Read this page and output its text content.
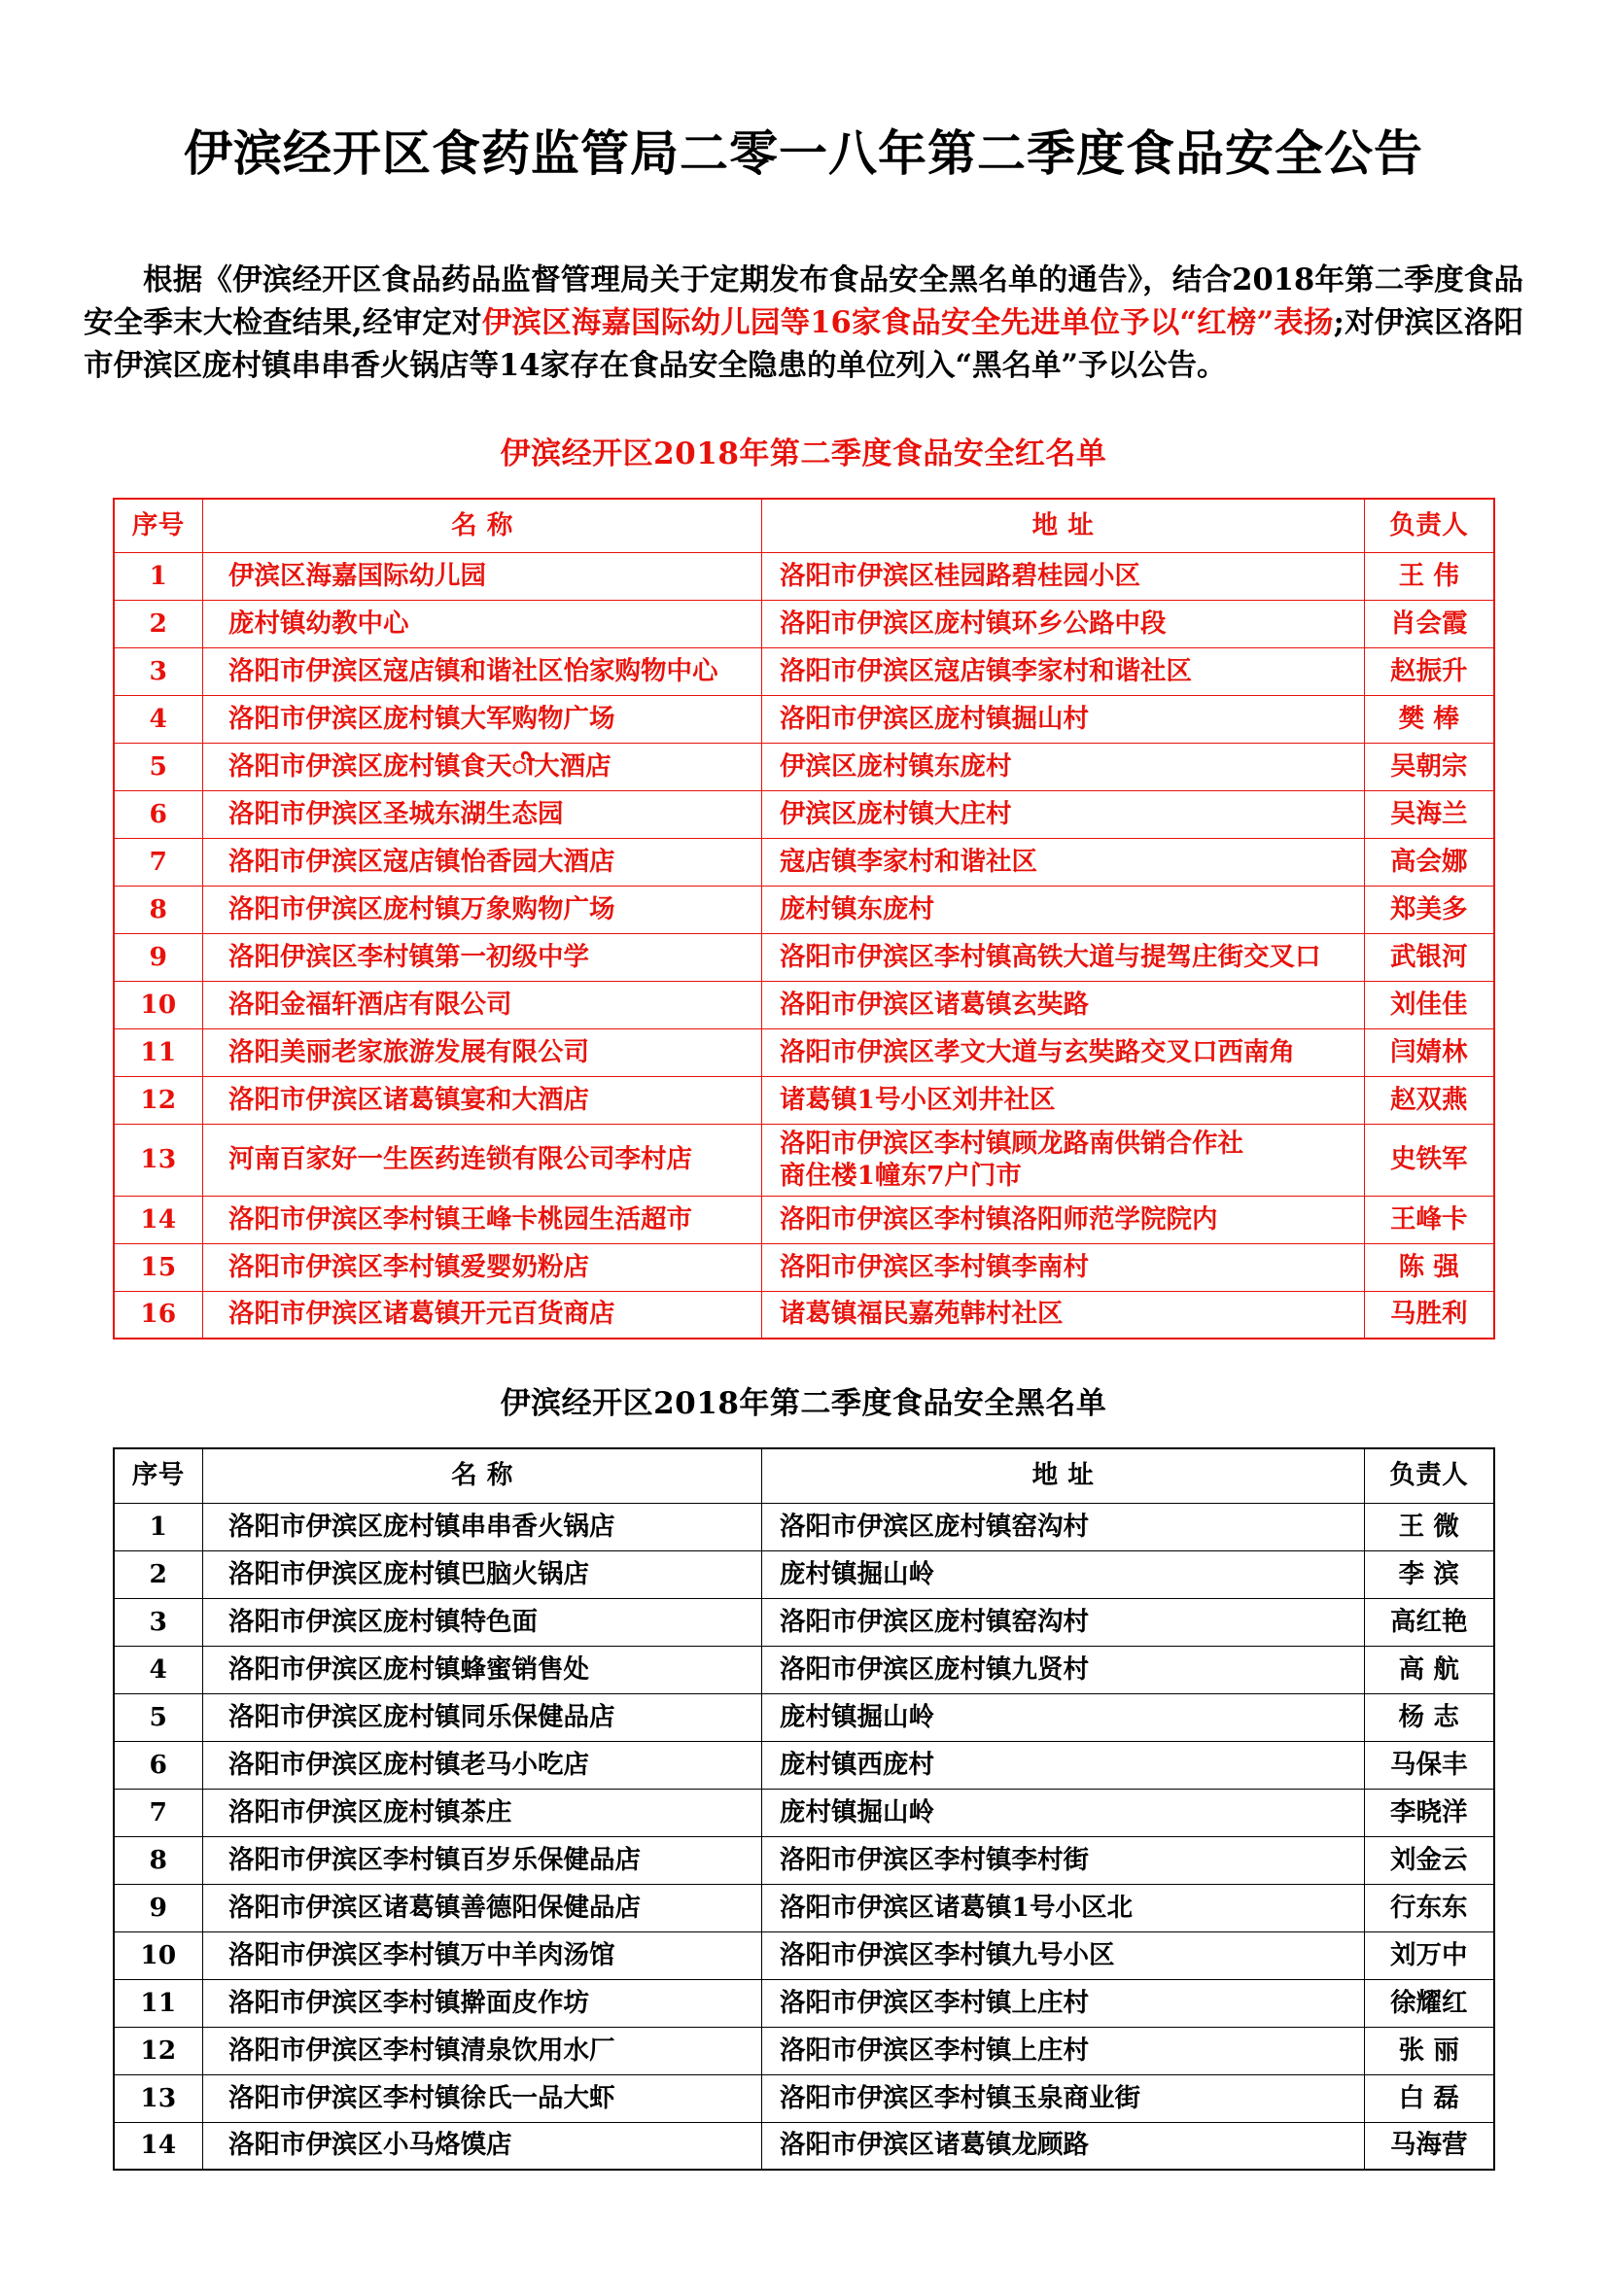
伊滨经开区食药监管局二零一八年第二季度食品安全公告

根据《伊滨经开区食品药品监督管理局关于定期发布食品安全黑名单的通告》，结合2018年第二季度食品安全季末大检查结果,经审定对伊滨区海嘉国际幼儿园等16家食品安全先进单位予以“红榜”表扬;对伊滨区洛阳市伊滨区庞村镇串串香火锅店等14家存在食品安全隐患的单位列入“黑名单”予以公告。

伊滨经开区2018年第二季度食品安全红名单
序号	名 称	地 址	负责人
1	伊滨区海嘉国际幼儿园	洛阳市伊滨区桂园路碧桂园小区	王 伟
2	庞村镇幼教中心	洛阳市伊滨区庞村镇环乡公路中段	肖会霞
3	洛阳市伊滨区寇店镇和谐社区怡家购物中心	洛阳市伊滨区寇店镇李家村和谐社区	赵振升
4	洛阳市伊滨区庞村镇大军购物广场	洛阳市伊滨区庞村镇掘山村	樊 棒
5	洛阳市伊滨区庞村镇食天ी大酒店	伊滨区庞村镇东庞村	吴朝宗
6	洛阳市伊滨区圣城东湖生态园	伊滨区庞村镇大庄村	吴海兰
7	洛阳市伊滨区寇店镇怡香园大酒店	寇店镇李家村和谐社区	高会娜
8	洛阳市伊滨区庞村镇万象购物广场	庞村镇东庞村	郑美多
9	洛阳伊滨区李村镇第一初级中学	洛阳市伊滨区李村镇高铁大道与提驾庄街交叉口	武银河
10	洛阳金福轩酒店有限公司	洛阳市伊滨区诸葛镇玄奘路	刘佳佳
11	洛阳美丽老家旅游发展有限公司	洛阳市伊滨区孝文大道与玄奘路交叉口西南角	闫婧林
12	洛阳市伊滨区诸葛镇宴和大酒店	诸葛镇1号小区刘井社区	赵双燕
13	河南百家好一生医药连锁有限公司李村店	洛阳市伊滨区李村镇顾龙路南供销合作社
商住楼1幢东7户门市	史铁军
14	洛阳市伊滨区李村镇王峰卡桃园生活超市	洛阳市伊滨区李村镇洛阳师范学院院内	王峰卡
15	洛阳市伊滨区李村镇爱婴奶粉店	洛阳市伊滨区李村镇李南村	陈 强
16	洛阳市伊滨区诸葛镇开元百货商店	诸葛镇福民嘉苑韩村社区	马胜利
伊滨经开区2018年第二季度食品安全黑名单
序号	名 称	地 址	负责人
1	洛阳市伊滨区庞村镇串串香火锅店	洛阳市伊滨区庞村镇窑沟村	王 微
2	洛阳市伊滨区庞村镇巴脑火锅店	庞村镇掘山岭	李 滨
3	洛阳市伊滨区庞村镇特色面	洛阳市伊滨区庞村镇窑沟村	高红艳
4	洛阳市伊滨区庞村镇蜂蜜销售处	洛阳市伊滨区庞村镇九贤村	高 航
5	洛阳市伊滨区庞村镇同乐保健品店	庞村镇掘山岭	杨 志
6	洛阳市伊滨区庞村镇老马小吃店	庞村镇西庞村	马保丰
7	洛阳市伊滨区庞村镇茶庄	庞村镇掘山岭	李晓洋
8	洛阳市伊滨区李村镇百岁乐保健品店	洛阳市伊滨区李村镇李村街	刘金云
9	洛阳市伊滨区诸葛镇善德阳保健品店	洛阳市伊滨区诸葛镇1号小区北	行东东
10	洛阳市伊滨区李村镇万中羊肉汤馆	洛阳市伊滨区李村镇九号小区	刘万中
11	洛阳市伊滨区李村镇擀面皮作坊	洛阳市伊滨区李村镇上庄村	徐耀红
12	洛阳市伊滨区李村镇清泉饮用水厂	洛阳市伊滨区李村镇上庄村	张 丽
13	洛阳市伊滨区李村镇徐氏一品大虾	洛阳市伊滨区李村镇玉泉商业街	白 磊
14	洛阳市伊滨区小马烙馍店	洛阳市伊滨区诸葛镇龙顾路	马海营
